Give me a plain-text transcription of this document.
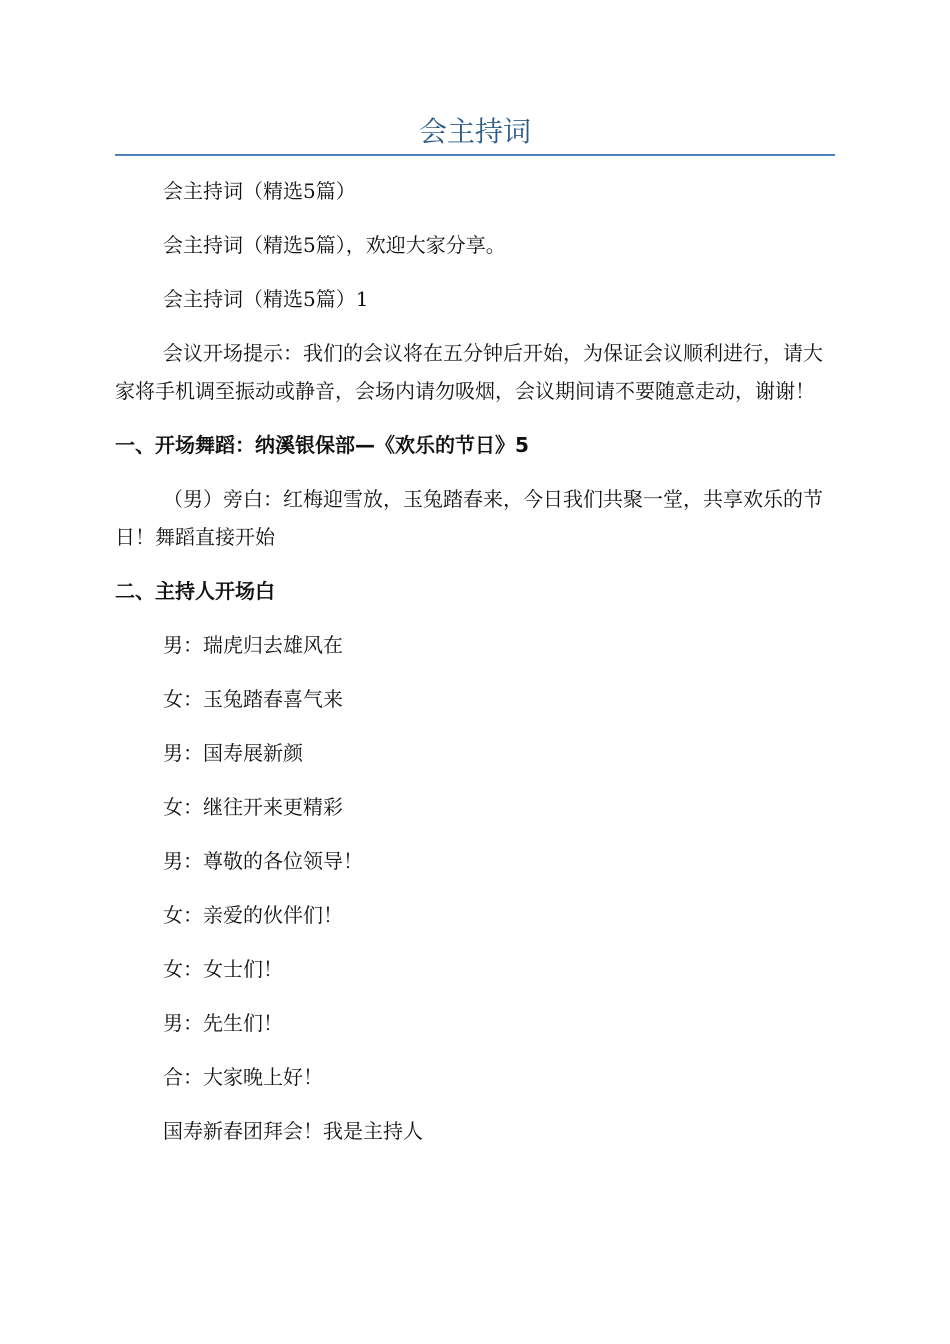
会主持词

会主持词（精选5篇）

会主持词（精选5篇），欢迎大家分享。

会主持词（精选5篇）1

会议开场提示：我们的会议将在五分钟后开始，为保证会议顺利进行，请大家将手机调至振动或静音，会场内请勿吸烟，会议期间请不要随意走动，谢谢！

一、开场舞蹈：纳溪银保部—《欢乐的节日》5

（男）旁白：红梅迎雪放，玉兔踏春来，今日我们共聚一堂，共享欢乐的节日！舞蹈直接开始

二、主持人开场白

男：瑞虎归去雄风在

女：玉兔踏春喜气来

男：国寿展新颜

女：继往开来更精彩

男：尊敬的各位领导！

女：亲爱的伙伴们！

女：女士们！

男：先生们！

合：大家晚上好！

国寿新春团拜会！我是主持人
